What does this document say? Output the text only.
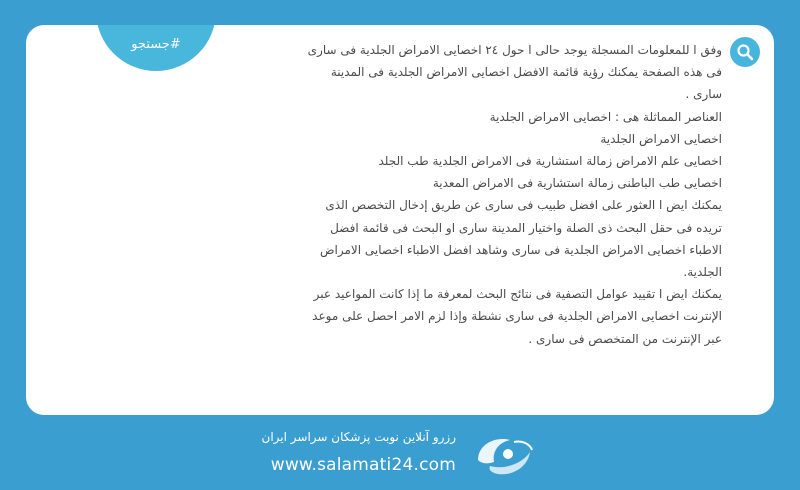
#جستجو	وفق ا للمعلومات المسجلة يوجد حالى ا حول ٢٤ اخصايى الامراض الجلدية فى سارى فى هذه الصفحة يمكنك رؤية قائمة الافضل اخصايى الامراض الجلدية فى المدينة سارى .

العناصر المماثلة هى : اخصايى الامراض الجلدية

اخصايى الامراض الجلدية

اخصايى علم الامراض زمالة استشارية فى الامراض الجلدية طب الجلد

اخصايى طب الباطنى زمالة استشارية فى الامراض المعدية

يمكنك ايض ا العثور على افضل طبيب فى سارى عن طريق إدخال التخصص الذى تريده فى حقل البحث ذى الصلة واختيار المدينة سارى او البحث فى قائمة افضل الاطباء اخصايى الامراض الجلدية فى سارى وشاهد افضل الاطباء اخصايى الامراض الجلدية.

يمكنك ايض ا تقييد عوامل التصفية فى نتائج البحث لمعرفة ما إذا كانت المواعيد عبر الإنترنت اخصايى الامراض الجلدية فى سارى نشطة وإذا لزم الامر احصل على موعد عبر الإنترنت من المتخصص فى سارى .

رزرو آنلاین نوبت پزشکان سراسر ایران
www.salamati24.com
